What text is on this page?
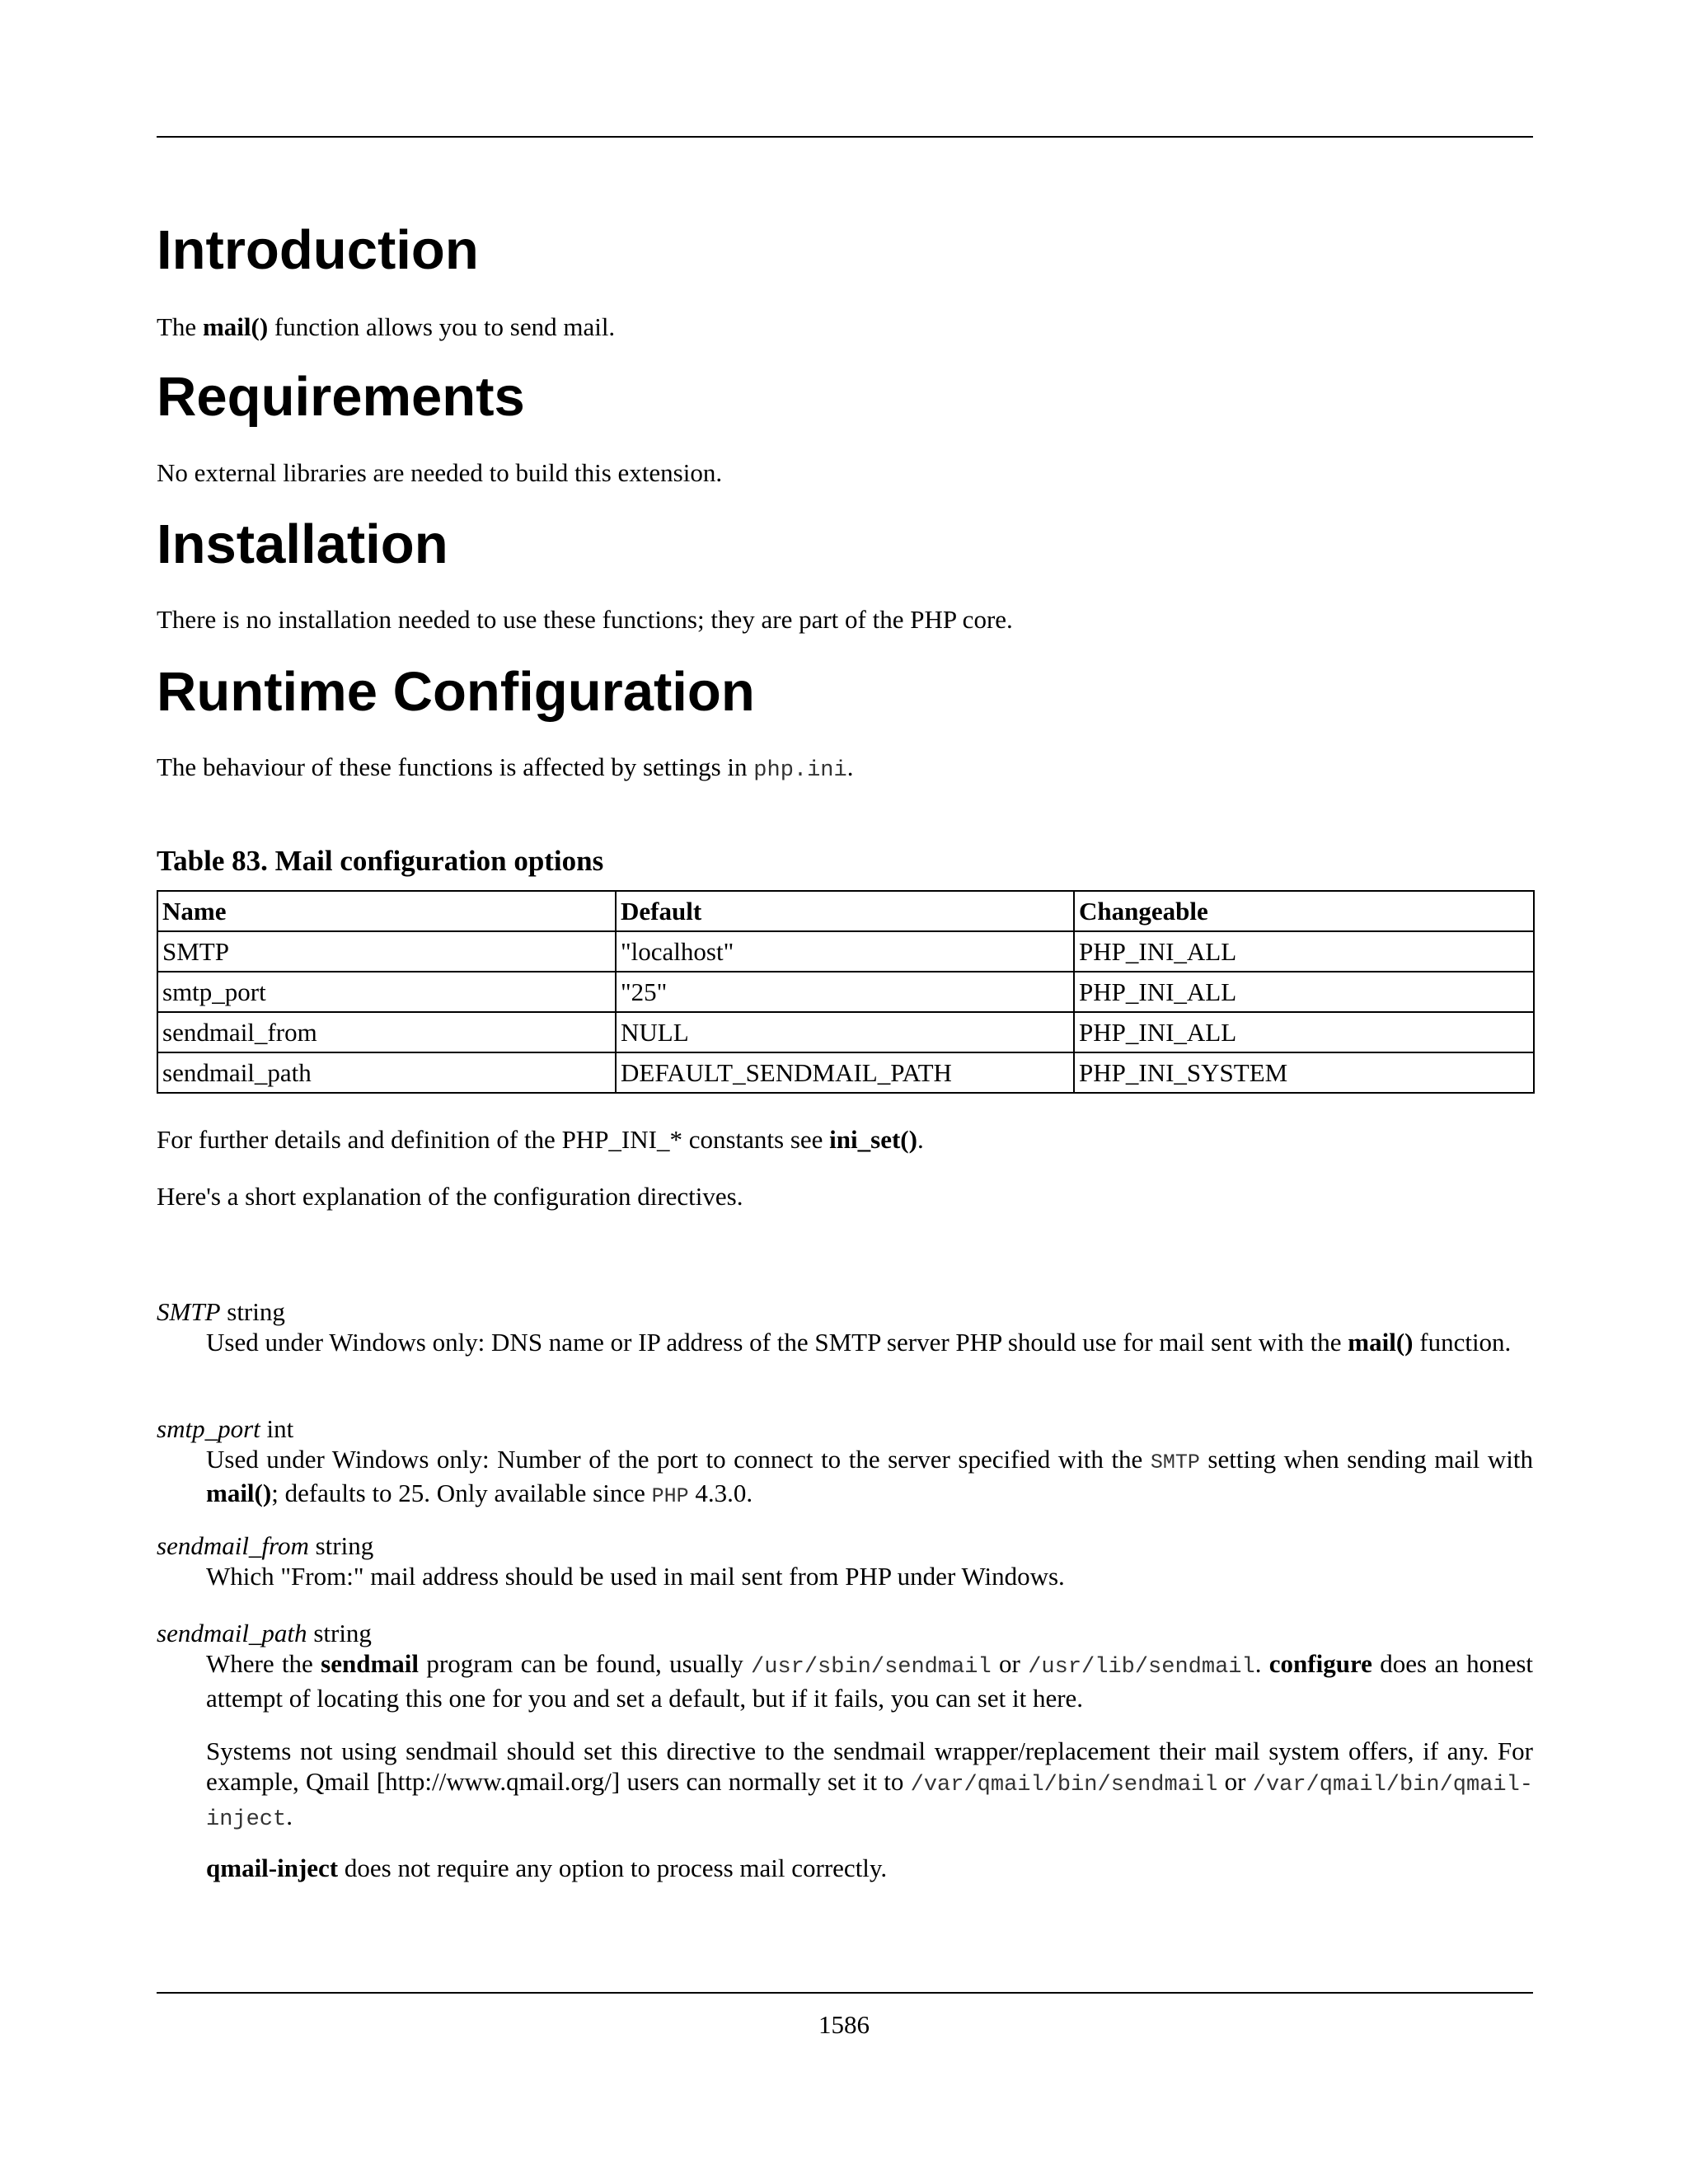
Introduction

The mail() function allows you to send mail.

Requirements

No external libraries are needed to build this extension.

Installation

There is no installation needed to use these functions; they are part of the PHP core.

Runtime Configuration

The behaviour of these functions is affected by settings in php.ini.

Table 83. Mail configuration options
Name	Default	Changeable
SMTP	"localhost"	PHP_INI_ALL
smtp_port	"25"	PHP_INI_ALL
sendmail_from	NULL	PHP_INI_ALL
sendmail_path	DEFAULT_SENDMAIL_PATH	PHP_INI_SYSTEM

For further details and definition of the PHP_INI_* constants see ini_set().

Here's a short explanation of the configuration directives.

SMTP string
Used under Windows only: DNS name or IP address of the SMTP server PHP should use for mail sent with the mail() function.
smtp_port int
Used under Windows only: Number of the port to connect to the server specified with the SMTP setting when sending mail with mail(); defaults to 25. Only available since PHP 4.3.0.
sendmail_from string
Which "From:" mail address should be used in mail sent from PHP under Windows.
sendmail_path string
Where the sendmail program can be found, usually /usr/sbin/sendmail or /usr/lib/sendmail. configure does an honest attempt of locating this one for you and set a default, but if it fails, you can set it here.
Systems not using sendmail should set this directive to the sendmail wrapper/replacement their mail system offers, if any. For example, Qmail [http://www.qmail.org/] users can normally set it to /var/qmail/bin/sendmail or /var/qmail/bin/qmail-inject.
qmail-inject does not require any option to process mail correctly.
1586
